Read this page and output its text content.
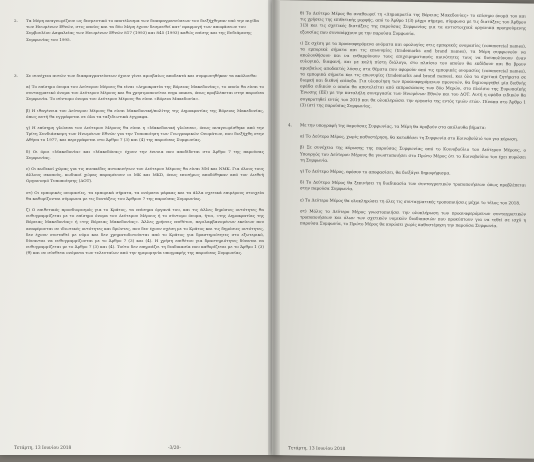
2. Τα Μέρη αναγνωρίζουν ως δεσμευτικό το αποτέλεσμα των διαπραγματεύσεων του διεξήχθησαν υπό την αιγίδα των Ηνωμένων Εθνών, στις οποίες και τα δύο Μέρη έχουν δεσμευθεί κατ' εφαρμογή των αποφάσεων του Συμβουλίου Ασφαλείας των Ηνωμένων Εθνών 817 (1993) και 845 (1993) καθώς επίσης και της Ενδιάμεσης Συμφωνίας του 1995.
3. Σε συνέχεια αυτών των διαπραγματεύσεων έχουν γίνει αμοιβαίως αποδεκτά και συμφωνηθήκαν τα ακόλουθα:

α) Το επίσημο όνομα του Δεύτερου Μέρους θα είναι «Δημοκρατία της Βόρειας Μακεδονίας», το οποίο θα είναι το συνταγματικό όνομα του Δεύτερου Μέρους και θα χρησιμοποιείται erga omnes, όπως προβλέπεται στην παρούσα Συμφωνία. Το σύντομο όνομα του Δεύτερου Μέρους θα είναι «Βόρεια Μακεδονία».

β) Η ιθαγένεια του Δεύτερου Μέρους θα είναι Μακεδονική/πολίτης της Δημοκρατίας της Βόρειας Μακεδονίας, όπως αυτή θα εγγράφεται σε όλα τα ταξιδιωτικά έγγραφα.

γ) Η επίσημη γλώσσα του Δεύτερου Μέρους θα είναι η «Μακεδονική γλώσσα», όπως αναγνωρίσθηκε από την Τρίτη Συνδιάσκεψη των Ηνωμένων Εθνών για την Τυποποίηση των Γεωγραφικών Ονομάτων, που διεξήχθη στην Αθήνα το 1977, και περιγράφεται στο Άρθρο 7 (3) και (4) της παρούσας Συμφωνίας.

δ) Οι όροι «Μακεδονία» και «Μακεδόνας» έχουν την έννοια που αποδίδεται στο Άρθρο 7 της παρούσας Συμφωνίας.

ε) Οι κωδικοί χώρας για τις πινακίδες αυτοκινήτων του Δεύτερου Μέρους θα είναι NM και NMK. Για όλους τους άλλους σκοπούς, κωδικοί χώρας παραμένουν οι MK και MKD, όπως επισήμως αποδόθηκαν από τον Διεθνή Οργανισμό Τυποποίησης (ΔΟΤ).

στ) Οι εμπορικές ονομασίες, τα εμπορικά σήματα, τα ονόματα μάρκας και τα άλλα σχετικά επιμέρους στοιχεία θα καθορίζονται σύμφωνα με τις διατάξεις του Άρθρου 7 της παρούσας Συμφωνίας.

ζ) Ο επιθετικός προσδιορισμός για το Κράτος, τα επίσημα όργανά του, και τις άλλες δημόσιες οντότητες θα ευθυγραμμίζεται με το επίσημο όνομα του Δεύτερου Μέρους ή το σύντομο όνομα, ήτοι, «της Δημοκρατίας της Βόρειας Μακεδονίας» ή «της Βόρειας Μακεδονίας». Άλλες χρήσεις επιθέτου, περιλαμβανομένων εκείνων που αναφέρονται σε ιδιωτικές οντότητες και δρώντες, που δεν έχουν σχέση με το Κράτος και τις δημόσιες οντότητες, δεν έχουν συσταθεί με νόμο και δεν χρηματοδοτούνται από το Κράτος για δραστηριότητες στο εξωτερικό, δύνανται να ευθυγραμμίζονται με το Άρθρο 7 (3) και (4). Η χρήση επιθέτου για δραστηριότητες δύναται να ευθυγραμμίζεται με το Άρθρο 7 (3) και (4). Τούτο δεν επηρεάζει τη διαδικασία που καθορίζεται με το Άρθρο 1 (3) (θ) και σε σύνθετα ονόματα των τελευταίων από την ημερομηνία υπογραφής της παρούσας Συμφωνίας.

Τετάρτη, 13 Ιουνίου 2018	-3/20-

θ) Το Δεύτερο Μέρος θα αναθεωρεί τη «Δημοκρατία της Βόρειας Μακεδονίας» το επίσημο όνομά του και τις χρήσεις της επιθετικής μορφής, από το Άρθρο 1(3) μέχρι σήμερα, σύμφωνα με τις διατάξεις του Άρθρου 1(3) και τις σχετικές διατάξεις της παρούσας Συμφωνίας για τα αντιστοιχικά οργανικά προηγούμενης εξουσίας που συνυπάρχουν με την παρούσα Συμφωνία.

ι) Σε σχέση με τα προαναφερόμενα ονόματα και ορολογίες στις εμπορικές ονομασίες (commercial names), τα εμπορικά σήματα και τις επωνυμίες (trademarks and brand names), τα Μέρη συμφωνούν να ακολουθήσουν και να ενθαρρύνουν τους επιχειρηματικούς κοινότητες τους να διευκολύνουν έναν ευλογικό, διαφανή, και με καλή πίστη διάλογο, στο πλαίσιο του οποίου θα εκδίδουν και θα βρουν αμοιβαίως αποδεκτές λύσεις στα θέματα που αφορούν από τις εμπορικές ονομασίες (commercial names), τα εμπορικά σήματα και τις επωνυμίες (trademarks and brand names), και όλα τα σχετικά ζητήματα σε διαρκή και διεθνή επίπεδο. Για υλοποίηση των προαναφερόμενων προνοιών, θα δημιουργηθεί μία διεθνής ομάδα ειδικών ο οποία θα αποτελείται από εκπροσώπους των δύο Μερών, στο πλαίσιο της Ευρωπαϊκής Ένωσης (ΕΕ) με την καταλήλη συνεργασία των Ηνωμένων Εθνών και του ΔΟΤ. Αυτή η ομάδα ειδικών θα συγκροτηθεί εντός του 2019 και θα ολοκληρώσει την εργασία της εντός τριών ετών. Πίνακα στο Άρθρο 1 (3) (στ) της παρούσας Συμφωνίας.

4. Με την υπογραφή της παρούσας Συμφωνίας, τα Μέρη θα προβούν στα ακόλουθα βήματα:

α) Το Δεύτερο Μέρος, χωρίς καθυστέρηση, θα καταθέσει τη Συμφωνία στο Κοινοβούλιό του για κύρωση.

β) Σε συνέχεια της κύρωσης της παρούσας Συμφωνίας από το Κοινοβούλιο του Δεύτερου Μέρους, ο Υπουργός του Δεύτερου Μέρους θα γνωστοποιήσει στο Πρώτο Μέρος ότι το Κοινοβούλιο του έχει κυρώσει τη Συμφωνία.

γ) Το Δεύτερο Μέρος, εφόσον το αποφασίσει, θα διεξάγει δημοψήφισμα.

δ) Το Δεύτερο Μέρος θα ξεκινήσει τη διαδικασία των συνταγματικών τροποποιήσεων όπως προβλέπεται στην παρούσα Συμφωνία.

ε) Το Δεύτερο Μέρος θα ολοκληρώσει τη όλες τις συνταγματικές τροποποιήσεις μέχρι το τέλος του 2018.

στ) Μόλις το Δεύτερο Μέρος γνωστοποιήσει την ολοκλήρωση των προαναφερόμενων συνταγματικών τροποποιήσεων και όλων των σχετικών νομικών διαδικασιών που προκύπτουν για να τεθεί σε ισχύ η παρούσα Συμφωνία, το Πρώτο Μέρος θα κυρώσει χωρίς καθυστέρηση την παρούσα Συμφωνία.

Τετάρτη, 13 Ιουνίου 2018
